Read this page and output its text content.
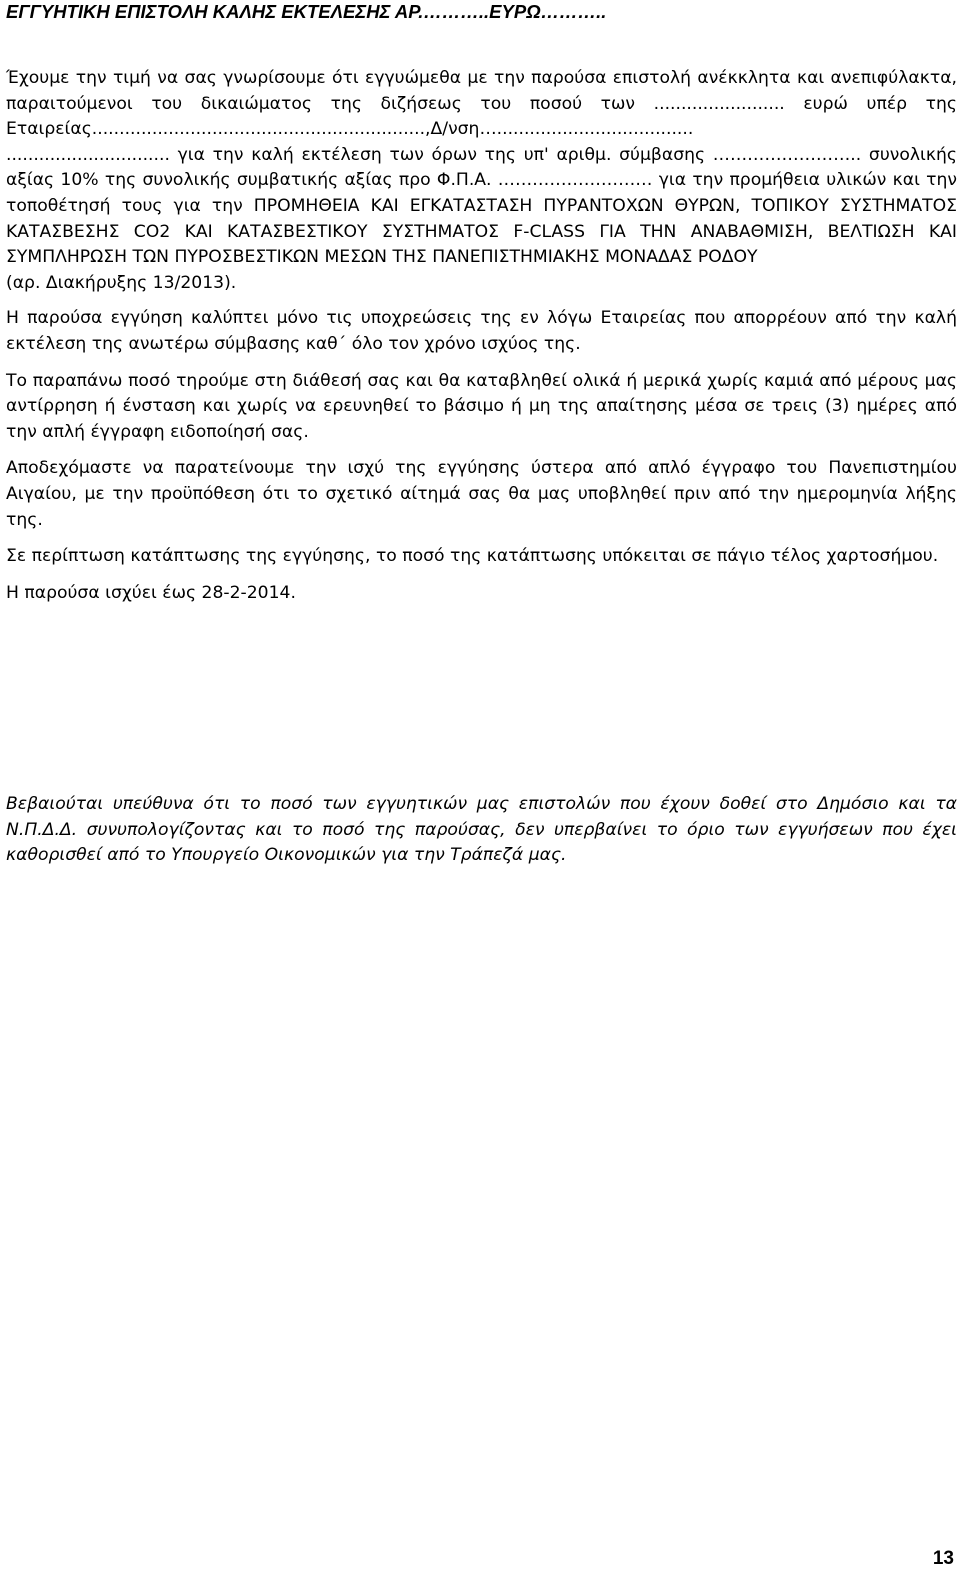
ΕΓΓΥΗΤΙΚΗ ΕΠΙΣΤΟΛΗ ΚΑΛΗΣ ΕΚΤΕΛΕΣΗΣ ΑΡ.………..ΕΥΡΩ………..

Έχουμε την τιμή να σας γνωρίσουμε ότι εγγυώμεθα με την παρούσα επιστολή ανέκκλητα και ανεπιφύλακτα, παραιτούμενοι του δικαιώματος της διζήσεως του ποσού των ........................ ευρώ υπέρ της Εταιρείας.............................................................,Δ/νση…....................................
.............................. για την καλή εκτέλεση των όρων της υπ' αριθμ. σύμβασης …………………….. συνολικής αξίας 10% της συνολικής συμβατικής αξίας προ Φ.Π.Α. ……………………… για την προμήθεια υλικών και την τοποθέτησή τους για την ΠΡΟΜΗΘΕΙΑ ΚΑΙ ΕΓΚΑΤΑΣΤΑΣΗ ΠΥΡΑΝΤΟΧΩΝ ΘΥΡΩΝ, ΤΟΠΙΚΟΥ ΣΥΣΤΗΜΑΤΟΣ ΚΑΤΑΣΒΕΣΗΣ CO2 ΚΑΙ ΚΑΤΑΣΒΕΣΤΙΚΟΥ ΣΥΣΤΗΜΑΤΟΣ F-CLASS ΓΙΑ ΤΗΝ ΑΝΑΒΑΘΜΙΣΗ, ΒΕΛΤΙΩΣΗ ΚΑΙ ΣΥΜΠΛΗΡΩΣΗ ΤΩΝ ΠΥΡΟΣΒΕΣΤΙΚΩΝ ΜΕΣΩΝ ΤΗΣ ΠΑΝΕΠΙΣΤΗΜΙΑΚΗΣ ΜΟΝΑΔΑΣ ΡΟΔΟΥ
(αρ. Διακήρυξης 13/2013).

Η παρούσα εγγύηση καλύπτει μόνο τις υποχρεώσεις της εν λόγω Εταιρείας που απορρέουν από την καλή εκτέλεση της ανωτέρω σύμβασης καθ΄ όλο τον χρόνο ισχύος της.

Το παραπάνω ποσό τηρούμε στη διάθεσή σας και θα καταβληθεί ολικά ή μερικά χωρίς καμιά από μέρους μας αντίρρηση ή ένσταση και χωρίς να ερευνηθεί το βάσιμο ή μη της απαίτησης μέσα σε τρεις (3) ημέρες από την απλή έγγραφη ειδοποίησή σας.

Αποδεχόμαστε να παρατείνουμε την ισχύ της εγγύησης ύστερα από απλό έγγραφο του Πανεπιστημίου Αιγαίου, με την προϋπόθεση ότι το σχετικό αίτημά σας θα μας υποβληθεί πριν από την ημερομηνία λήξης της.

Σε περίπτωση κατάπτωσης της εγγύησης, το ποσό της κατάπτωσης υπόκειται σε πάγιο τέλος χαρτοσήμου.

Η παρούσα ισχύει έως 28-2-2014.

Βεβαιούται υπεύθυνα ότι το ποσό των εγγυητικών μας επιστολών που έχουν δοθεί στο Δημόσιο και τα Ν.Π.Δ.Δ. συνυπολογίζοντας και το ποσό της παρούσας, δεν υπερβαίνει το όριο των εγγυήσεων που έχει καθορισθεί από το Υπουργείο Οικονομικών για την Τράπεζά μας.

13
